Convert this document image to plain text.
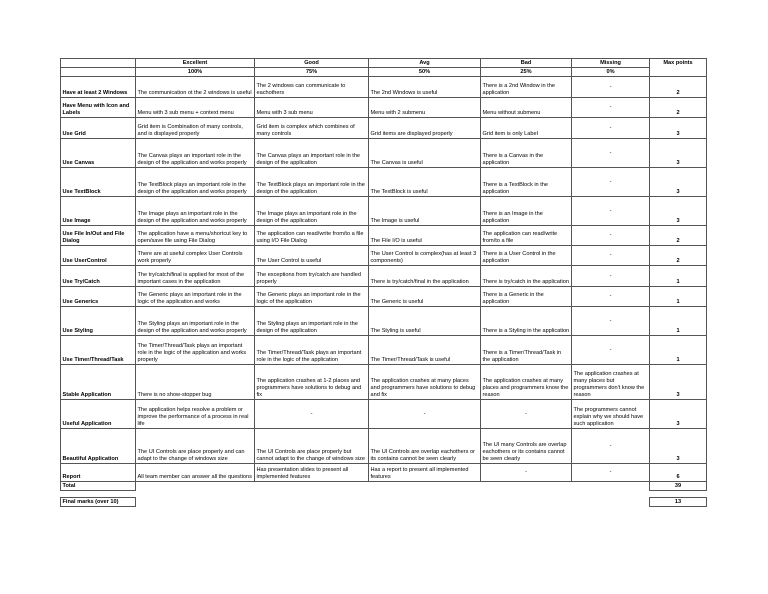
	Excellent	Good	Avg	Bad	Missing	Max points
	100%	75%	50%	25%	0%	
Have at least 2 Windows	The communication ot the 2 windows is useful	The 2 windows can communicate to eachothers	The 2nd Windows is useful	There is a 2nd Window in the application	-	2
Have Menu with Icon and Labels	Menu with 3 sub menu + context menu	Menu with 3 sub menu	Menu with 2 submenu	Menu without submenu	-	2
Use Grid	Grid item is Combination of many controls, and is displayed properly	Grid item is complex which combines of many controls	Grid items are displayed properly	Grid item is only Label	-	3
Use Canvas	The Canvas plays an important role in the design of the application and works properly	The Canvas plays an important role in the design of the application	The Canvas is useful	There is a Canvas in the application	-	3
Use TextBlock	The TextBlock plays an important role in the design of the application and works properly	The TextBlock plays an important role in the design of the application	The TextBlock is useful	There is a TextBlock in the application	-	3
Use Image	The Image plays an important role in the design of the application and works properly	The Image plays an important role in the design of the application	The Image is useful	There is an Image in the application	-	3
Use File In/Out and File Dialog	The application have a menu/shortcut key to open/save file using File Dialog	The application can read/write from/to a file using I/O File Dialog	The File I/O is useful	The application can read/write from/to a file	-	2
Use UserControl	There are at useful complex User Controls work properly	The User Control is useful	The User Control is complex(has at least 3 components)	There is a User Control in the application	-	2
Use Try/Catch	The try/catch/final is applied for most of the important cases in the application	The exceptions from try/catch are handled properly	There is try/catch/final in the application	There is try/catch in the application	-	1
Use Generics	The Generic plays an important role in the logic of the application and works	The Generic plays an important role in the logic of the application	The Generic is useful	There is a Generic in the application	-	1
Use Styling	The Styling plays an important role in the design of the application and works properly	The Styling plays an important role in the design of the application	The Styling is useful	There is a Styling in the application	-	1
Use Timer/Thread/Task	The Timer/Thread/Task plays an important role in the logic of the application and works properly	The Timer/Thread/Task plays an important role in the logic of the application	The Timer/Thread/Task is useful	There is a Timer/Thread/Task in the application	-	1
Stable Application	There is no show-stopper bug	The application crashes at 1-2 places and programmers have solutions to debug and fix	The application crashes at many places and programmers have solutions to debug and fix	The application crashes at many places and programmers know the reason	The application crashes at many places but programmers don't know the reason	3
Useful Application	The application helps resolve a problem or improve the performance of a process in real life	-	-	-	The programmers cannot explain why we should have such application	3
Beautiful Application	The UI Controls are place properly and can adapt to the change of windows size	The UI Controls are place properly but cannot adapt to the change of windows size	The UI Controls are overlap eachothers or its contains cannot be seen clearly	The UI many Controls are overlap eachothers or its contains cannot be seen clearly	-	3
Report	All team member can answer all the questions	Has presentation slides to present all implemented features	Has a report to present all implemented features	-	-	6
Total						39

Final marks (over 10)						13
